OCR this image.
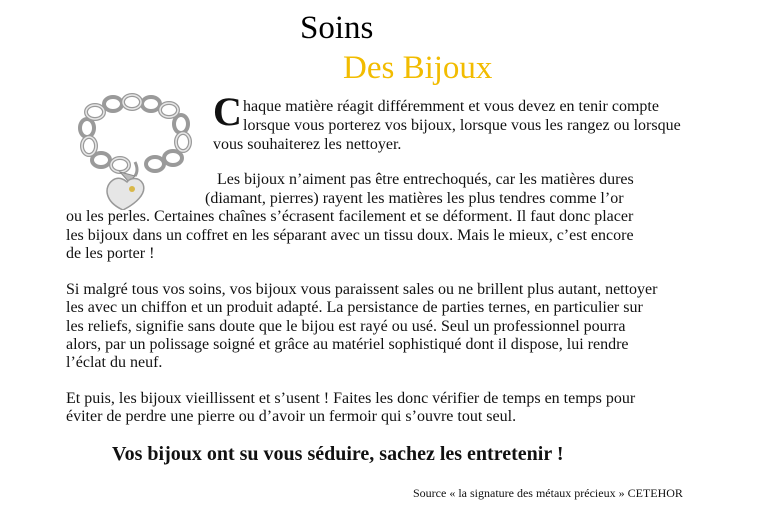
Soins
Des Bijoux
C haque matière réagit différemment et vous devez en tenir compte
lorsque vous porterez vos bijoux, lorsque vous les rangez ou lorsque
vous souhaiterez les nettoyer.
Les bijoux n’aiment pas être entrechoqués, car les matières dures
(diamant, pierres) rayent les matières les plus tendres comme l’or
ou les perles. Certaines chaînes s’écrasent facilement et se déforment. Il faut donc placer
les bijoux dans un coffret en les séparant avec un tissu doux. Mais le mieux, c’est encore
de les porter !
Si malgré tous vos soins, vos bijoux vous paraissent sales ou ne brillent plus autant, nettoyer
les avec un chiffon et un produit adapté. La persistance de parties ternes, en particulier sur
les reliefs, signifie sans doute que le bijou est rayé ou usé. Seul un professionnel pourra
alors, par un polissage soigné et grâce au matériel sophistiqué dont il dispose, lui rendre
l’éclat du neuf.
Et puis, les bijoux vieillissent et s’usent ! Faites les donc vérifier de temps en temps pour
éviter de perdre une pierre ou d’avoir un fermoir qui s’ouvre tout seul.
Vos bijoux ont su vous séduire, sachez les entretenir !
Source « la signature des métaux précieux » CETEHOR
